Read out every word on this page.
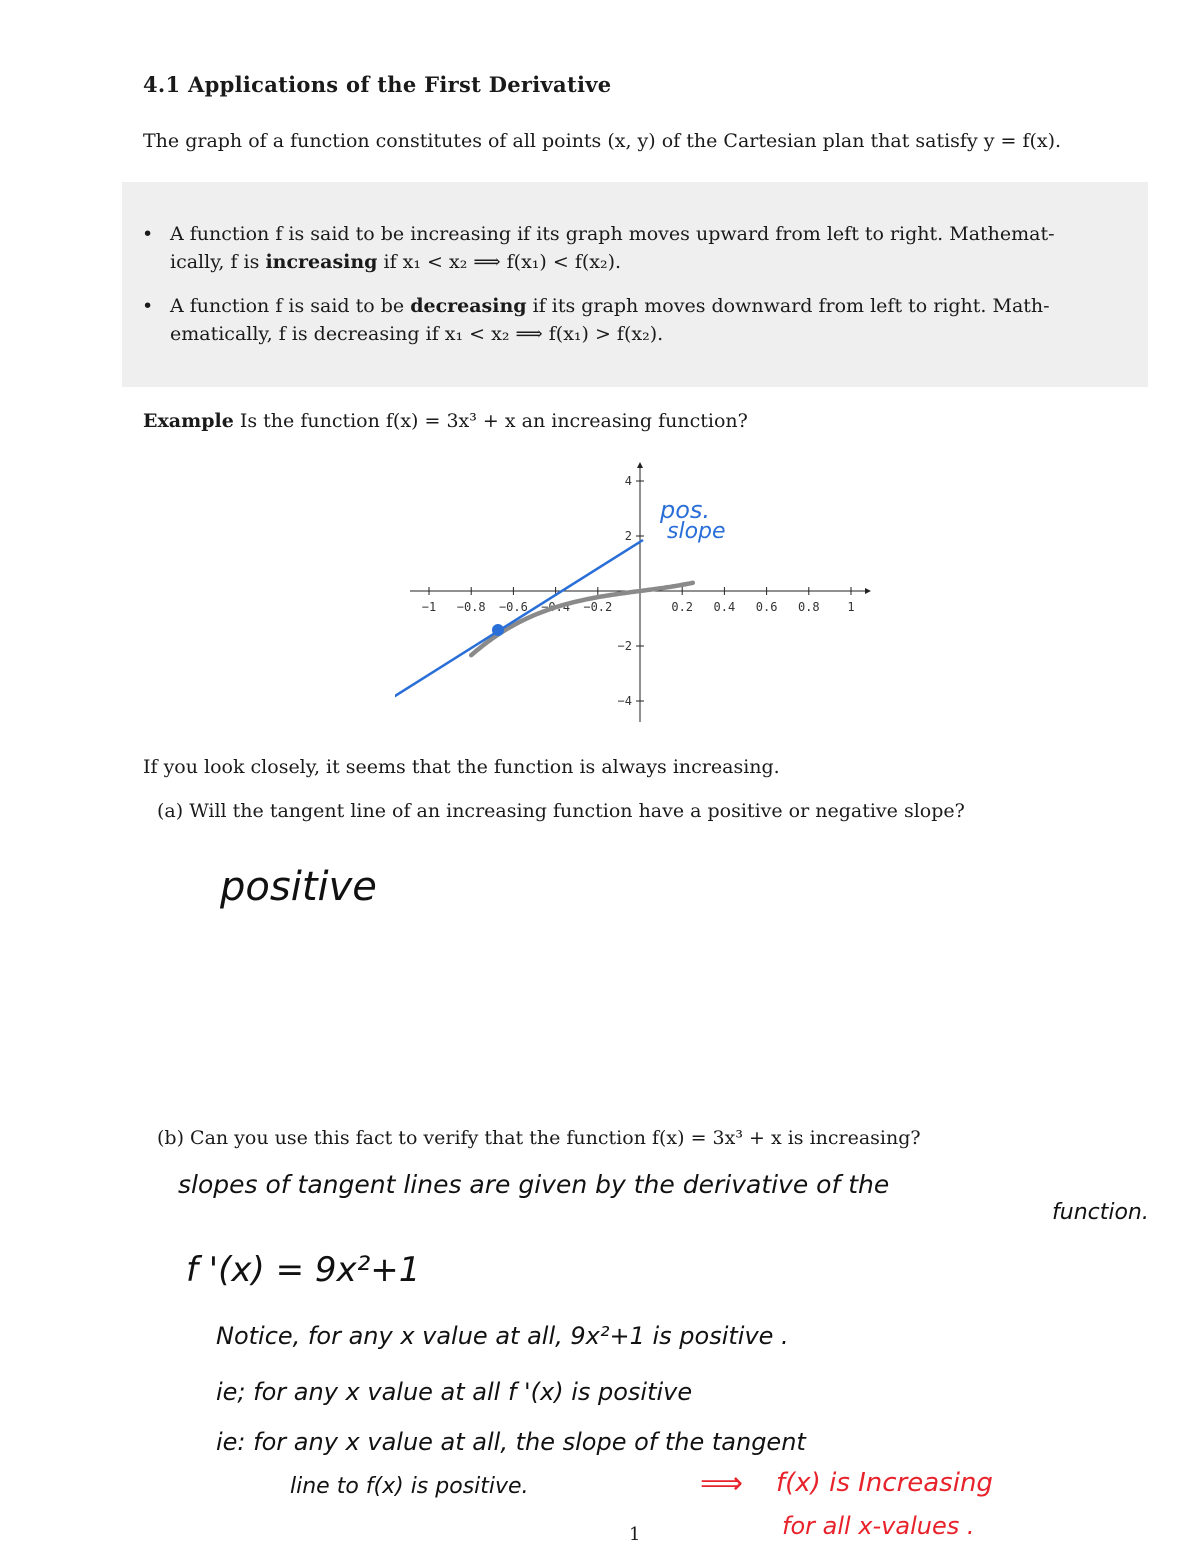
4.1 Applications of the First Derivative
The graph of a function constitutes of all points (x, y) of the Cartesian plan that satisfy y = f(x).
• A function f is said to be increasing if its graph moves upward from left to right. Mathemat-
ically, f is increasing if x₁ < x₂ ⟹ f(x₁) < f(x₂).
• A function f is said to be decreasing if its graph moves downward from left to right. Math-
ematically, f is decreasing if x₁ < x₂ ⟹ f(x₁) > f(x₂).
Example Is the function f(x) = 3x³ + x an increasing function?
−1 −0.8 −0.6 −0.4 −0.2	0.2 0.4 0.6 0.8 1
4
2
−2
−4
pos.
slope
If you look closely, it seems that the function is always increasing.
(a) Will the tangent line of an increasing function have a positive or negative slope?
positive
(b) Can you use this fact to verify that the function f(x) = 3x³ + x is increasing?
slopes of tangent lines are given by the derivative of the
function.
f '(x) = 9x²+1
Notice, for any x value at all, 9x²+1 is positive .
ie; for any x value at all f '(x) is positive
ie: for any x value at all, the slope of the tangent
line to f(x) is positive.	⟹ f(x) is Increasing
for all x-values .
1
